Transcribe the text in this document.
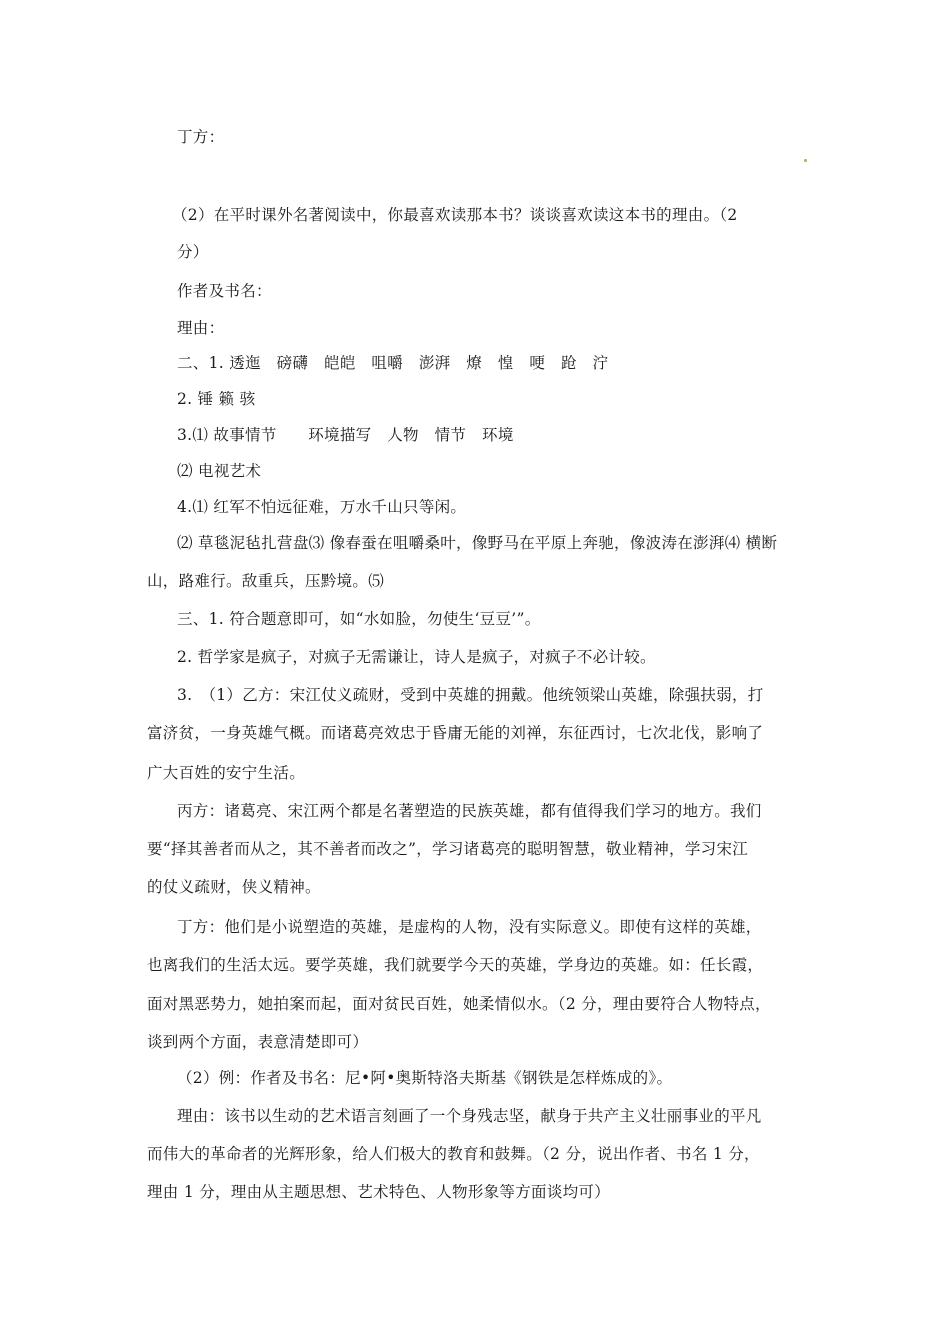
丁方：
（2）在平时课外名著阅读中，你最喜欢读那本书？谈谈喜欢读这本书的理由。（2
分）
作者及书名：
理由：
二、1. 透迤　磅礴　皑皑　咀嚼　澎湃　燎　惶　哽　跄　泞
2. 锤 籁 骇
3.⑴ 故事情节　　环境描写　人物　情节　环境
⑵ 电视艺术
4.⑴ 红军不怕远征难，万水千山只等闲。
⑵ 草毯泥毡扎营盘⑶ 像春蚕在咀嚼桑叶，像野马在平原上奔驰，像波涛在澎湃⑷ 横断
山，路难行。敌重兵，压黔境。⑸
三、1. 符合题意即可，如“水如脸，勿使生‘豆豆’”。
2. 哲学家是疯子，对疯子无需谦让，诗人是疯子，对疯子不必计较。
3.　（1）乙方：宋江仗义疏财，受到中英雄的拥戴。他统领梁山英雄，除强扶弱，打
富济贫，一身英雄气概。而诸葛亮效忠于昏庸无能的刘禅，东征西讨，七次北伐，影响了
广大百姓的安宁生活。
丙方：诸葛亮、宋江两个都是名著塑造的民族英雄，都有值得我们学习的地方。我们
要“择其善者而从之，其不善者而改之”，学习诸葛亮的聪明智慧，敬业精神，学习宋江
的仗义疏财，侠义精神。
丁方：他们是小说塑造的英雄，是虚构的人物，没有实际意义。即使有这样的英雄，
也离我们的生活太远。要学英雄，我们就要学今天的英雄，学身边的英雄。如：任长霞，
面对黑恶势力，她拍案而起，面对贫民百姓，她柔情似水。（2 分，理由要符合人物特点，
谈到两个方面，表意清楚即可）
（2）例：作者及书名：尼•阿•奥斯特洛夫斯基《钢铁是怎样炼成的》。
理由：该书以生动的艺术语言刻画了一个身残志坚，献身于共产主义壮丽事业的平凡
而伟大的革命者的光辉形象，给人们极大的教育和鼓舞。（2 分，说出作者、书名 1 分，
理由 1 分，理由从主题思想、艺术特色、人物形象等方面谈均可）
